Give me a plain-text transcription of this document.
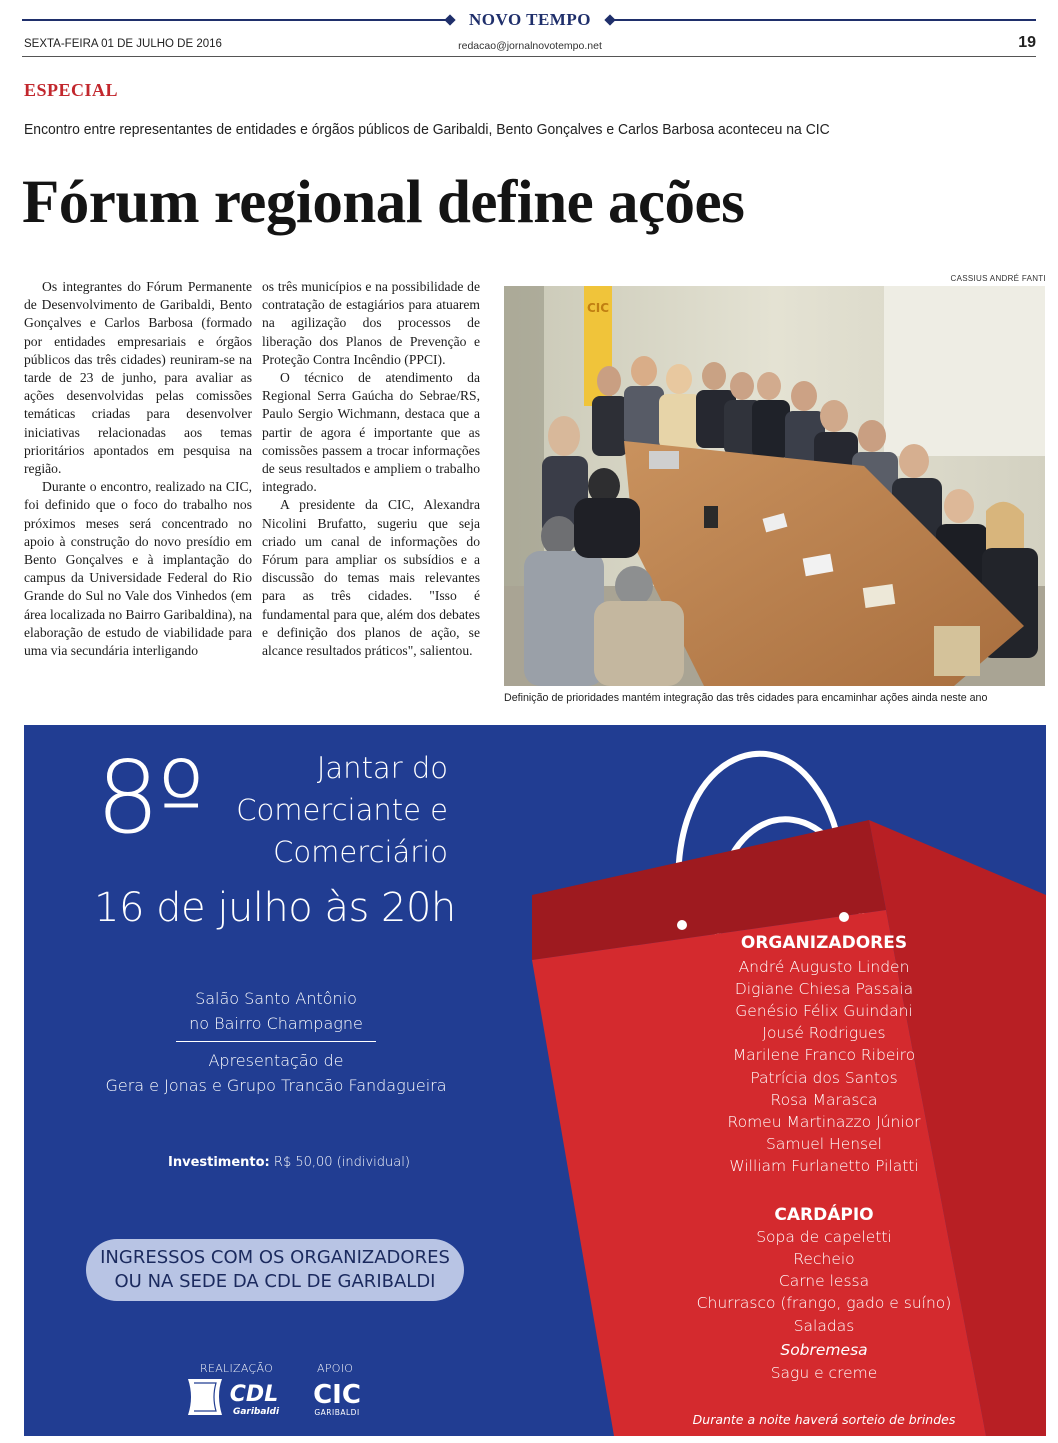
NOVO TEMPO
SEXTA-FEIRA 01 DE JULHO DE 2016	redacao@jornalnovotempo.net	19
ESPECIAL
Encontro entre representantes de entidades e órgãos públicos de Garibaldi, Bento Gonçalves e Carlos Barbosa aconteceu na CIC
Fórum regional define ações

Os integrantes do Fórum Permanente de Desenvolvimento de Garibaldi, Bento Gonçalves e Carlos Barbosa (formado por entidades empresariais e órgãos públicos das três cidades) reuniram-se na tarde de 23 de junho, para avaliar as ações desenvolvidas pelas comissões temáticas criadas para desenvolver iniciativas relacionadas aos temas prioritários apontados em pesquisa na região.

Durante o encontro, realizado na CIC, foi definido que o foco do trabalho nos próximos meses será concentrado no apoio à construção do novo presídio em Bento Gonçalves e à implantação do campus da Universidade Federal do Rio Grande do Sul no Vale dos Vinhedos (em área localizada no Bairro Garibaldina), na elaboração de estudo de viabilidade para uma via secundária interligando

os três municípios e na possibilidade de contratação de estagiários para atuarem na agilização dos processos de liberação dos Planos de Prevenção e Proteção Contra Incêndio (PPCI).

O técnico de atendimento da Regional Serra Gaúcha do Sebrae/RS, Paulo Sergio Wichmann, destaca que a partir de agora é importante que as comissões passem a trocar informações de seus resultados e ampliem o trabalho integrado.

A presidente da CIC, Alexandra Nicolini Brufatto, sugeriu que seja criado um canal de informações do Fórum para ampliar os subsídios e a discussão do temas mais relevantes para as três cidades. "Isso é fundamental para que, além dos debates e definição dos planos de ação, se alcance resultados práticos", salientou.

CASSIUS ANDRÉ FANTI
CIC
Definição de prioridades mantém integração das três cidades para encaminhar ações ainda neste ano
8º	Jantar do
Comerciante e
Comerciário
16 de julho às 20h
Salão Santo Antônio
no Bairro Champagne
Apresentação de
Gera e Jonas e Grupo Trancão Fandagueira
Investimento: R$ 50,00 (individual)
INGRESSOS COM OS ORGANIZADORES
OU NA SEDE DA CDL DE GARIBALDI
REALIZAÇÃO	APOIO
CDL
Garibaldi
CIC
GARIBALDI
ORGANIZADORES
André Augusto Linden
Digiane Chiesa Passaia
Genésio Félix Guindani
Jousé Rodrigues
Marilene Franco Ribeiro
Patrícia dos Santos
Rosa Marasca
Romeu Martinazzo Júnior
Samuel Hensel
William Furlanetto Pilatti
CARDÁPIO
Sopa de capeletti
Recheio
Carne lessa
Churrasco (frango, gado e suíno)
Saladas
Sobremesa
Sagu e creme
Durante a noite haverá sorteio de brindes
